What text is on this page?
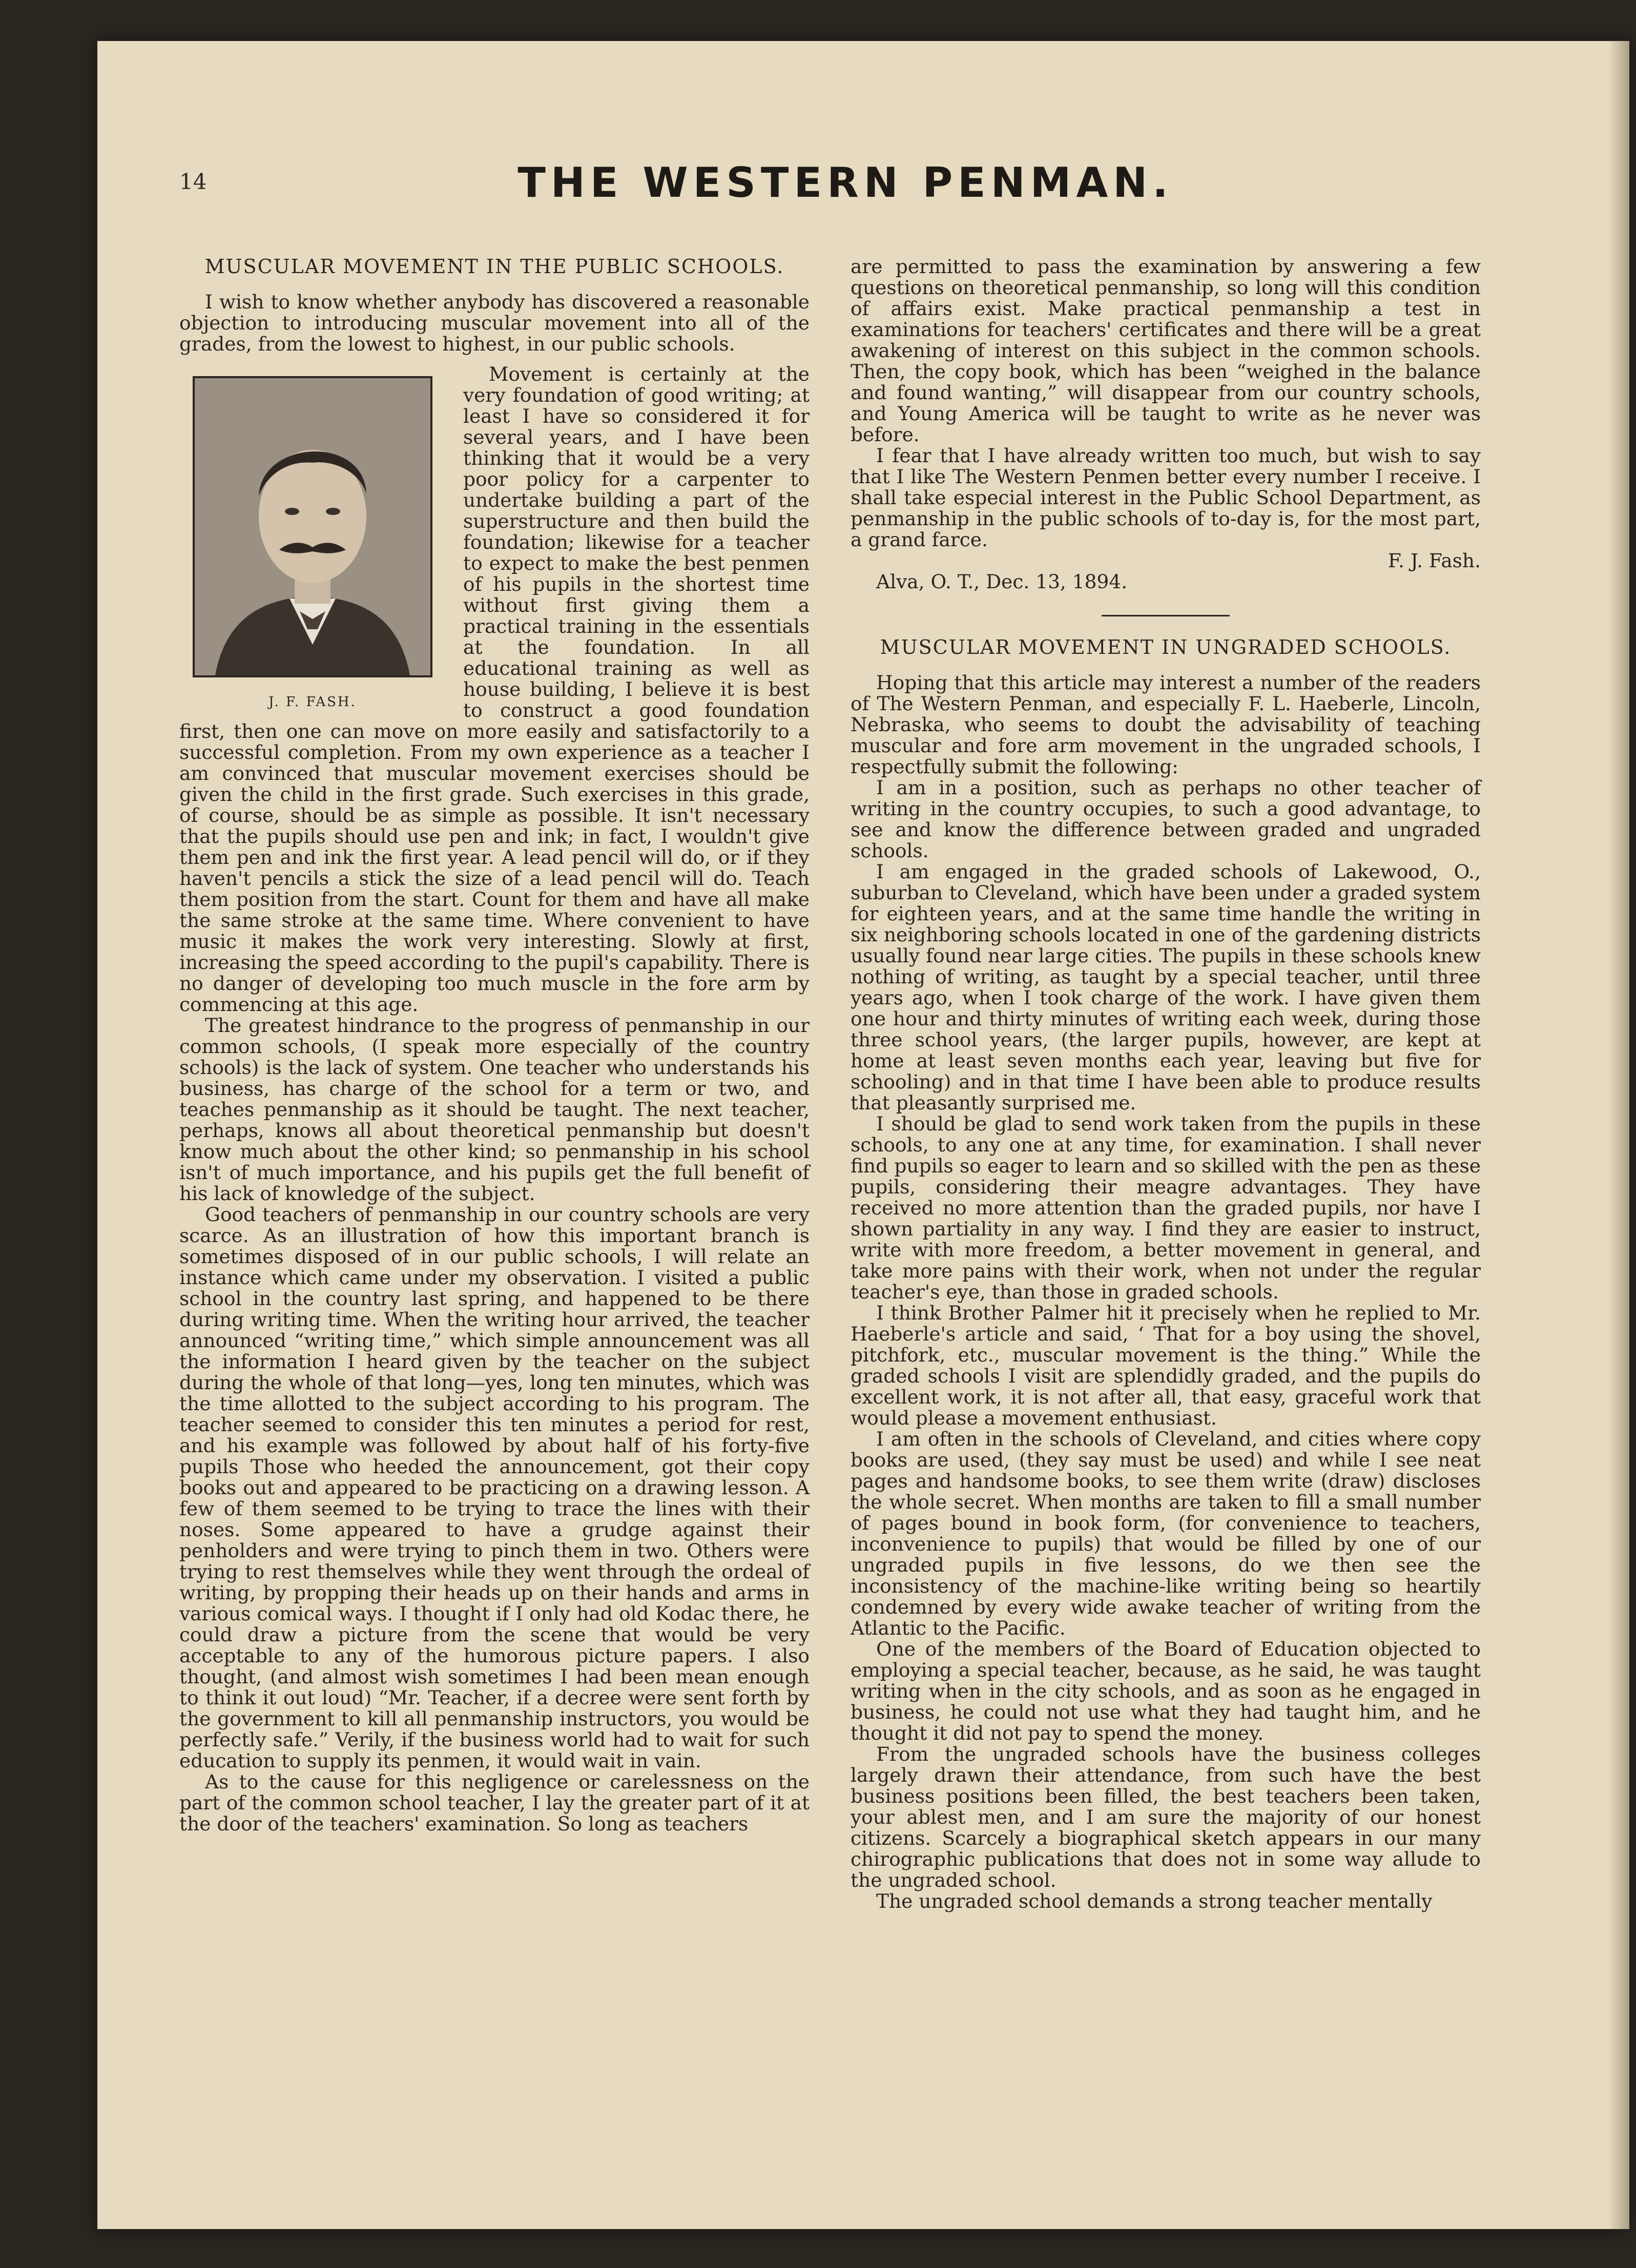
14	THE WESTERN PENMAN.
MUSCULAR MOVEMENT IN THE PUBLIC SCHOOLS.

I wish to know whether anybody has discovered a reasonable objection to introducing muscular movement into all of the grades, from the lowest to highest, in our public schools.

J. F. FASH.

Movement is certainly at the very foundation of good writing; at least I have so considered it for several years, and I have been thinking that it would be a very poor policy for a carpenter to undertake building a part of the superstructure and then build the foundation; likewise for a teacher to expect to make the best penmen of his pupils in the shortest time without first giving them a practical training in the essentials at the foundation. In all educational training as well as house building, I believe it is best to construct a good foundation first, then one can move on more easily and satisfactorily to a successful completion. From my own experience as a teacher I am convinced that muscular movement exercises should be given the child in the first grade. Such exercises in this grade, of course, should be as simple as possible. It isn't necessary that the pupils should use pen and ink; in fact, I wouldn't give them pen and ink the first year. A lead pencil will do, or if they haven't pencils a stick the size of a lead pencil will do. Teach them position from the start. Count for them and have all make the same stroke at the same time. Where convenient to have music it makes the work very interesting. Slowly at first, increasing the speed according to the pupil's capability. There is no danger of developing too much muscle in the fore arm by commencing at this age.

The greatest hindrance to the progress of penmanship in our common schools, (I speak more especially of the country schools) is the lack of system. One teacher who understands his business, has charge of the school for a term or two, and teaches penmanship as it should be taught. The next teacher, perhaps, knows all about theoretical penmanship but doesn't know much about the other kind; so penmanship in his school isn't of much importance, and his pupils get the full benefit of his lack of knowledge of the subject.

Good teachers of penmanship in our country schools are very scarce. As an illustration of how this important branch is sometimes disposed of in our public schools, I will relate an instance which came under my observation. I visited a public school in the country last spring, and happened to be there during writing time. When the writing hour arrived, the teacher announced “writing time,” which simple announcement was all the information I heard given by the teacher on the subject during the whole of that long—yes, long ten minutes, which was the time allotted to the subject according to his program. The teacher seemed to consider this ten minutes a period for rest, and his example was followed by about half of his forty-five pupils Those who heeded the announcement, got their copy books out and appeared to be practicing on a drawing lesson. A few of them seemed to be trying to trace the lines with their noses. Some appeared to have a grudge against their penholders and were trying to pinch them in two. Others were trying to rest themselves while they went through the ordeal of writing, by propping their heads up on their hands and arms in various comical ways. I thought if I only had old Kodac there, he could draw a picture from the scene that would be very acceptable to any of the humorous picture papers. I also thought, (and almost wish sometimes I had been mean enough to think it out loud) “Mr. Teacher, if a decree were sent forth by the government to kill all penmanship instructors, you would be perfectly safe.” Verily, if the business world had to wait for such education to supply its penmen, it would wait in vain.

As to the cause for this negligence or carelessness on the part of the common school teacher, I lay the greater part of it at the door of the teachers' examination. So long as teachers

are permitted to pass the examination by answering a few questions on theoretical penmanship, so long will this condition of affairs exist. Make practical penmanship a test in examinations for teachers' certificates and there will be a great awakening of interest on this subject in the common schools. Then, the copy book, which has been “weighed in the balance and found wanting,” will disappear from our country schools, and Young America will be taught to write as he never was before.

I fear that I have already written too much, but wish to say that I like The Western Penmen better every number I receive. I shall take especial interest in the Public School Department, as penmanship in the public schools of to-day is, for the most part, a grand farce.

F. J. Fash.

Alva, O. T., Dec. 13, 1894.

MUSCULAR MOVEMENT IN UNGRADED SCHOOLS.

Hoping that this article may interest a number of the readers of The Western Penman, and especially F. L. Haeberle, Lincoln, Nebraska, who seems to doubt the advisability of teaching muscular and fore arm movement in the ungraded schools, I respectfully submit the following:

I am in a position, such as perhaps no other teacher of writing in the country occupies, to such a good advantage, to see and know the difference between graded and ungraded schools.

I am engaged in the graded schools of Lakewood, O., suburban to Cleveland, which have been under a graded system for eighteen years, and at the same time handle the writing in six neighboring schools located in one of the gardening districts usually found near large cities. The pupils in these schools knew nothing of writing, as taught by a special teacher, until three years ago, when I took charge of the work. I have given them one hour and thirty minutes of writing each week, during those three school years, (the larger pupils, however, are kept at home at least seven months each year, leaving but five for schooling) and in that time I have been able to produce results that pleasantly surprised me.

I should be glad to send work taken from the pupils in these schools, to any one at any time, for examination. I shall never find pupils so eager to learn and so skilled with the pen as these pupils, considering their meagre advantages. They have received no more attention than the graded pupils, nor have I shown partiality in any way. I find they are easier to instruct, write with more freedom, a better movement in general, and take more pains with their work, when not under the regular teacher's eye, than those in graded schools.

I think Brother Palmer hit it precisely when he replied to Mr. Haeberle's article and said, ‘ That for a boy using the shovel, pitchfork, etc., muscular movement is the thing.” While the graded schools I visit are splendidly graded, and the pupils do excellent work, it is not after all, that easy, graceful work that would please a movement enthusiast.

I am often in the schools of Cleveland, and cities where copy books are used, (they say must be used) and while I see neat pages and handsome books, to see them write (draw) discloses the whole secret. When months are taken to fill a small number of pages bound in book form, (for convenience to teachers, inconvenience to pupils) that would be filled by one of our ungraded pupils in five lessons, do we then see the inconsistency of the machine-like writing being so heartily condemned by every wide awake teacher of writing from the Atlantic to the Pacific.

One of the members of the Board of Education objected to employing a special teacher, because, as he said, he was taught writing when in the city schools, and as soon as he engaged in business, he could not use what they had taught him, and he thought it did not pay to spend the money.

From the ungraded schools have the business colleges largely drawn their attendance, from such have the best business positions been filled, the best teachers been taken, your ablest men, and I am sure the majority of our honest citizens. Scarcely a biographical sketch appears in our many chirographic publications that does not in some way allude to the ungraded school.

The ungraded school demands a strong teacher mentally
